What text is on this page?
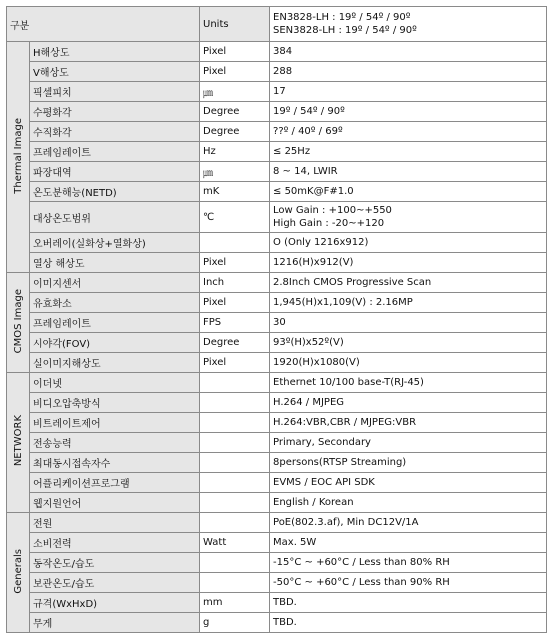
구분		Units	EN3828-LH : 19º / 54º / 90º
SEN3828-LH : 19º / 54º / 90º

Thermal Image	H해상도	Pixel	384

	V해상도	Pixel	288

	픽셀피치	㎛	17

	수평화각	Degree	19º / 54º / 90º

	수직화각	Degree	??º / 40º / 69º

	프레임레이트	Hz	≤ 25Hz

	파장대역	㎛	8 ~ 14, LWIR

	온도분해능(NETD)	mK	≤ 50mK@F#1.0

	대상온도범위	℃	Low Gain : +100~+550
High Gain : -20~+120

	오버레이(실화상+열화상)		O (Only 1216x912)

	열상 해상도	Pixel	1216(H)x912(V)

CMOS Image	이미지센서	Inch	2.8Inch CMOS Progressive Scan

	유효화소	Pixel	1,945(H)x1,109(V) : 2.16MP

	프레임레이트	FPS	30

	시야각(FOV)	Degree	93º(H)x52º(V)

	실이미지해상도	Pixel	1920(H)x1080(V)

NETWORK	이더넷		Ethernet 10/100 base-T(RJ-45)

	비디오압축방식		H.264 / MJPEG

	비트레이트제어		H.264:VBR,CBR / MJPEG:VBR

	전송능력		Primary, Secondary

	최대동시접속자수		8persons(RTSP Streaming)

	어플리케이션프로그램		EVMS / EOC API SDK

	웹지원언어		English / Korean

Generals	전원		PoE(802.3.af), Min DC12V/1A

	소비전력	Watt	Max. 5W

	동작온도/습도		-15°C ~ +60°C / Less than 80% RH

	보관온도/습도		-50°C ~ +60°C / Less than 90% RH

	규격(WxHxD)	mm	TBD.

	무게	g	TBD.
